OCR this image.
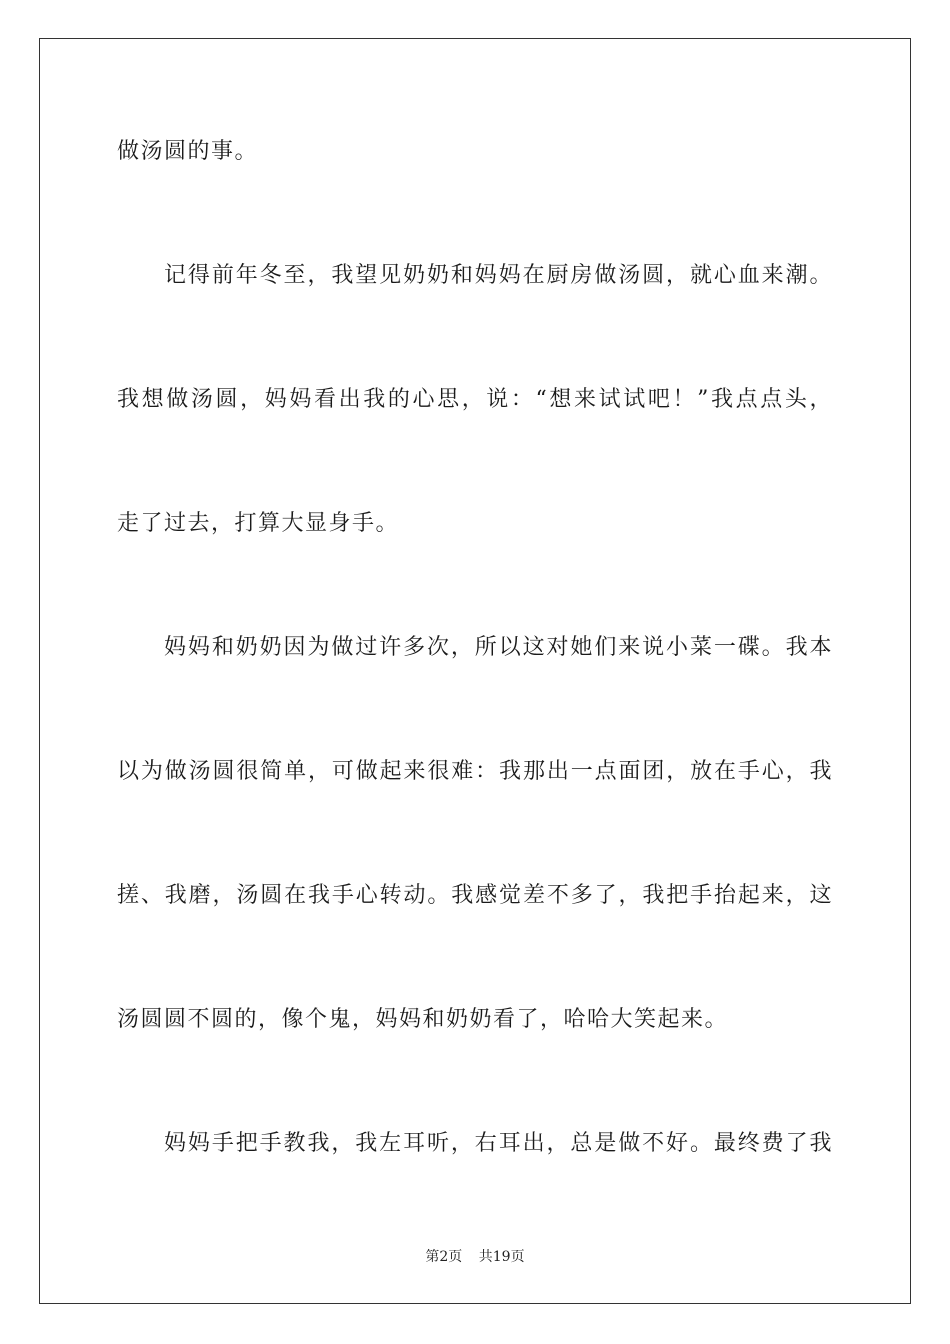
做汤圆的事。
记得前年冬至，我望见奶奶和妈妈在厨房做汤圆，就心血来潮。
我想做汤圆，妈妈看出我的心思，说：“想来试试吧！”我点点头，
走了过去，打算大显身手。
妈妈和奶奶因为做过许多次，所以这对她们来说小菜一碟。我本
以为做汤圆很简单，可做起来很难：我那出一点面团，放在手心，我
搓、我磨，汤圆在我手心转动。我感觉差不多了，我把手抬起来，这
汤圆圆不圆的，像个鬼，妈妈和奶奶看了，哈哈大笑起来。
妈妈手把手教我，我左耳听，右耳出，总是做不好。最终费了我
第2页 共19页
